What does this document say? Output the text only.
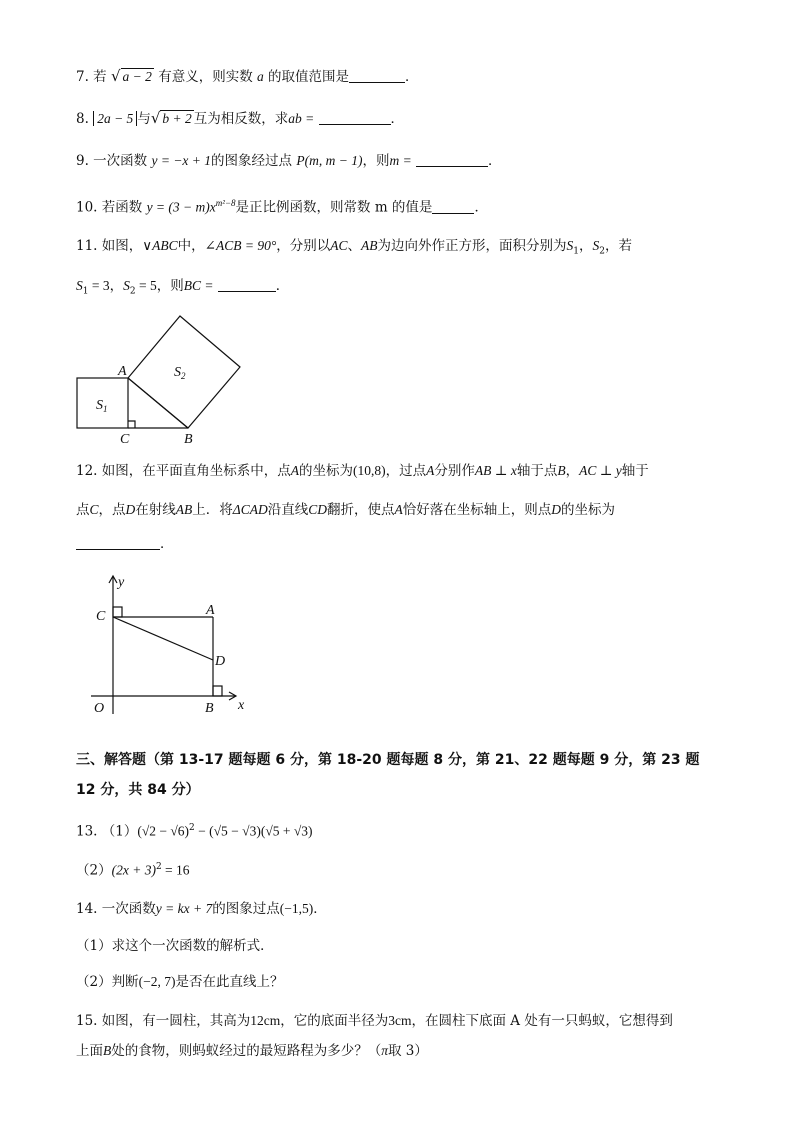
7. 若 √ a − 2 有意义，则实数 a 的取值范围是	．
8. 2a − 5 与√ b + 2 互为相反数，求ab =	．
9. 一次函数 y = −x + 1的图象经过点 P(m, m − 1)，则m =	．
10. 若函数 $y = (3 - m)x^{m^2-8}$是正比例函数，则常数 m 的值是	．
11. 如图，∨ABC中，∠ACB = 90°，分别以AC、AB为边向外作正方形，面积分别为$S_1$，$S_2$，若
$S_1 = 3$，$S_2 = 5$，则BC =	．
A
C	B
$S_1$
$S_2$
12. 如图，在平面直角坐标系中，点A的坐标为(10,8)，过点A分别作AB ⊥ x轴于点B，AC ⊥ y轴于
点C，点D在射线AB上．将ΔCAD沿直线CD翻折，使点A恰好落在坐标轴上，则点D的坐标为
．
y
x
O	B
C	A
D
三、解答题（第 13-17 题每题 6 分，第 18-20 题每题 8 分，第 21、22 题每题 9 分，第 23 题
12 分，共 84 分）
13. $(1)(√2 - √6)^2 - (√5 - √3)(√5 + √3)$
$(2)(2x + 3)^2 = 16$
14. 一次函数y = kx + 7的图象过点(−1,5)．
（1）求这个一次函数的解析式．
（2）判断(−2, 7)是否在此直线上？
15. 如图，有一圆柱，其高为12cm，它的底面半径为3cm，在圆柱下底面 A 处有一只蚂蚁，它想得到
上面B处的食物，则蚂蚁经过的最短路程为多少？（π取 3）
